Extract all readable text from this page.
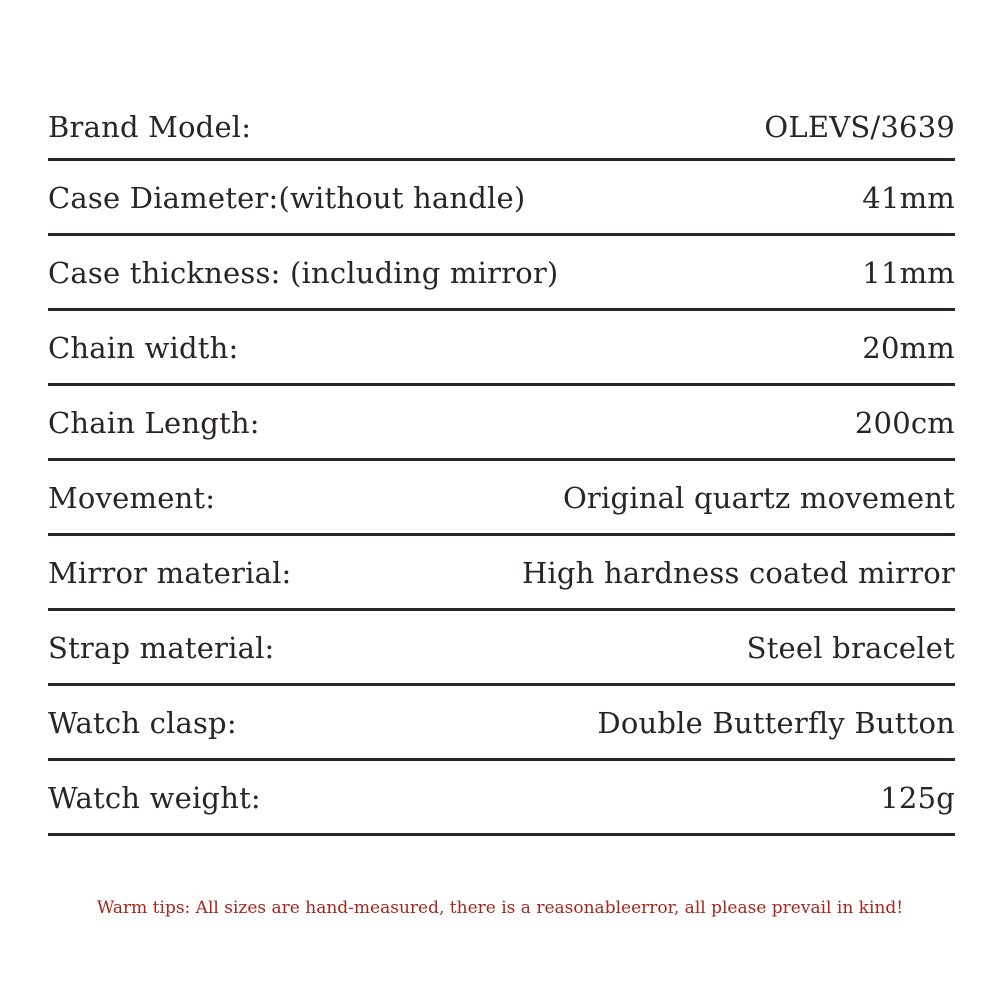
Brand Model:	OLEVS/3639
Case Diameter:(without handle)	41mm
Case thickness: (including mirror)	11mm
Chain width:	20mm
Chain Length:	200cm
Movement:	Original quartz movement
Mirror material:	High hardness coated mirror
Strap material:	Steel bracelet
Watch clasp:	Double Butterfly Button
Watch weight:	125g
Warm tips: All sizes are hand-measured, there is a reasonableerror, all please prevail in kind!
